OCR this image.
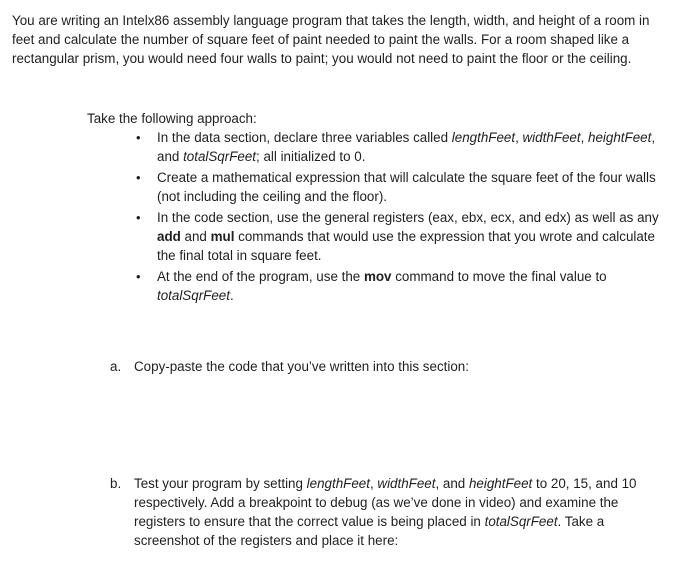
You are writing an Intelx86 assembly language program that takes the length, width, and height of a room in feet and calculate the number of square feet of paint needed to paint the walls. For a room shaped like a rectangular prism, you would need four walls to paint; you would not need to paint the floor or the ceiling.

Take the following approach:

• In the data section, declare three variables called lengthFeet, widthFeet, heightFeet, and totalSqrFeet; all initialized to 0.
• Create a mathematical expression that will calculate the square feet of the four walls (not including the ceiling and the floor).
• In the code section, use the general registers (eax, ebx, ecx, and edx) as well as any add and mul commands that would use the expression that you wrote and calculate the final total in square feet.
• At the end of the program, use the mov command to move the final value to totalSqrFeet.
a. Copy-paste the code that you’ve written into this section:
b. Test your program by setting lengthFeet, widthFeet, and heightFeet to 20, 15, and 10 respectively. Add a breakpoint to debug (as we’ve done in video) and examine the registers to ensure that the correct value is being placed in totalSqrFeet. Take a screenshot of the registers and place it here:
